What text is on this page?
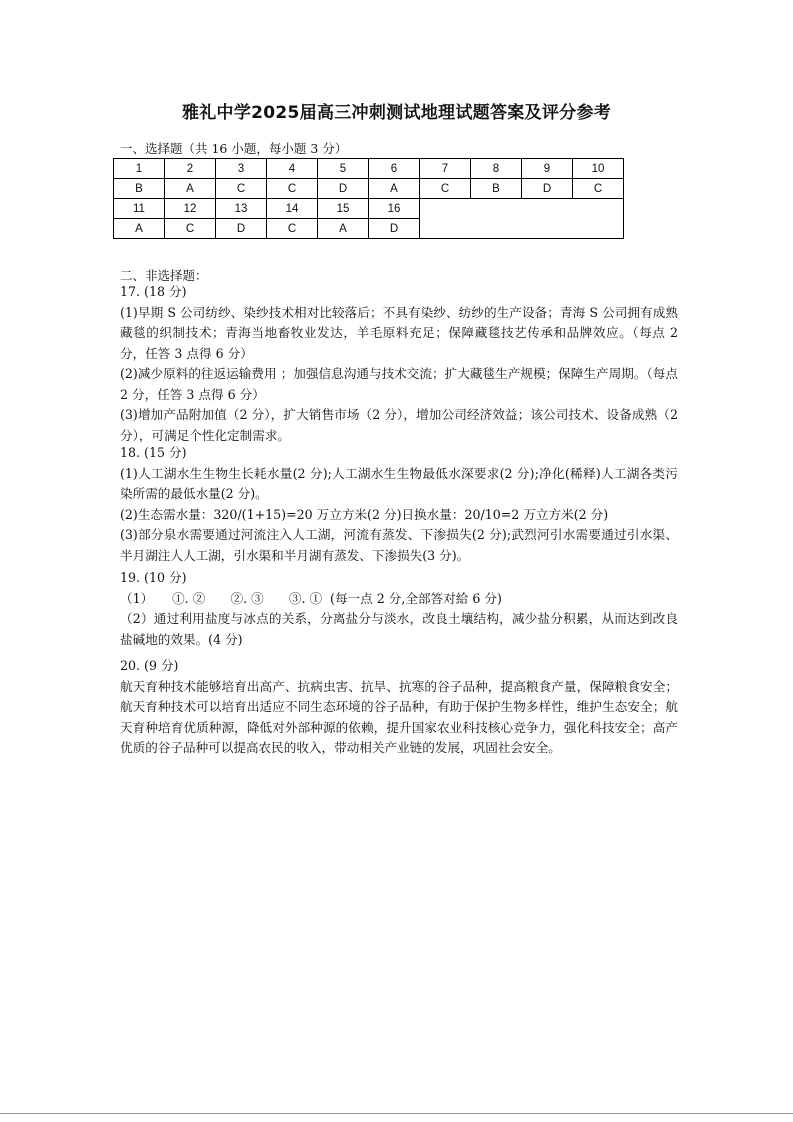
雅礼中学2025届高三冲刺测试地理试题答案及评分参考
一、选择题（共 16 小题，每小题 3 分）
1	2	3	4	5	6	7	8	9	10
B	A	C	C	D	A	C	B	D	C
11	12	13	14	15	16				
A	C	D	C	A	D				
二、非选择题：
17. (18 分)
(1)早期 S 公司纺纱、染纱技术相对比较落后；不具有染纱、纺纱的生产设备；青海 S 公司拥有成熟藏毯的织制技术；青海当地畜牧业发达，羊毛原料充足；保障藏毯技艺传承和品牌效应。（每点 2 分，任答 3 点得 6 分）
(2)减少原料的往返运输费用 ；加强信息沟通与技术交流；扩大藏毯生产规模；保障生产周期。（每点 2 分，任答 3 点得 6 分）
(3)增加产品附加值（2 分），扩大销售市场（2 分），增加公司经济效益；该公司技术、设备成熟（2 分），可满足个性化定制需求。
18. (15 分)
(1)人工湖水生生物生长耗水量(2 分);人工湖水生生物最低水深要求(2 分);净化(稀释)人工湖各类污染所需的最低水量(2 分)。
(2)生态需水量：320/(1+15)=20 万立方米(2 分)日换水量：20/10=2 万立方米(2 分)
(3)部分泉水需要通过河流注入人工湖，河流有蒸发、下渗损失(2 分);武烈河引水需要通过引水渠、半月湖注人人工湖，引水渠和半月湖有蒸发、下渗损失(3 分)。
19. (10 分)
（1）　　①. ②　　②. ③　　③. ①  (每一点 2 分,全部答对給 6 分)
（2）通过利用盐度与冰点的关系，分离盐分与淡水，改良土壤结构，减少盐分积累，从而达到改良盐碱地的效果。(4 分)
20. (9 分)
航天育种技术能够培育出高产、抗病虫害、抗旱、抗寒的谷子品种，提高粮食产量，保障粮食安全；航天育种技术可以培育出适应不同生态环境的谷子品种，有助于保护生物多样性，维护生态安全；航天育种培育优质种源，降低对外部种源的依赖，提升国家农业科技核心竞争力，强化科技安全；高产优质的谷子品种可以提高农民的收入，带动相关产业链的发展，巩固社会安全。
